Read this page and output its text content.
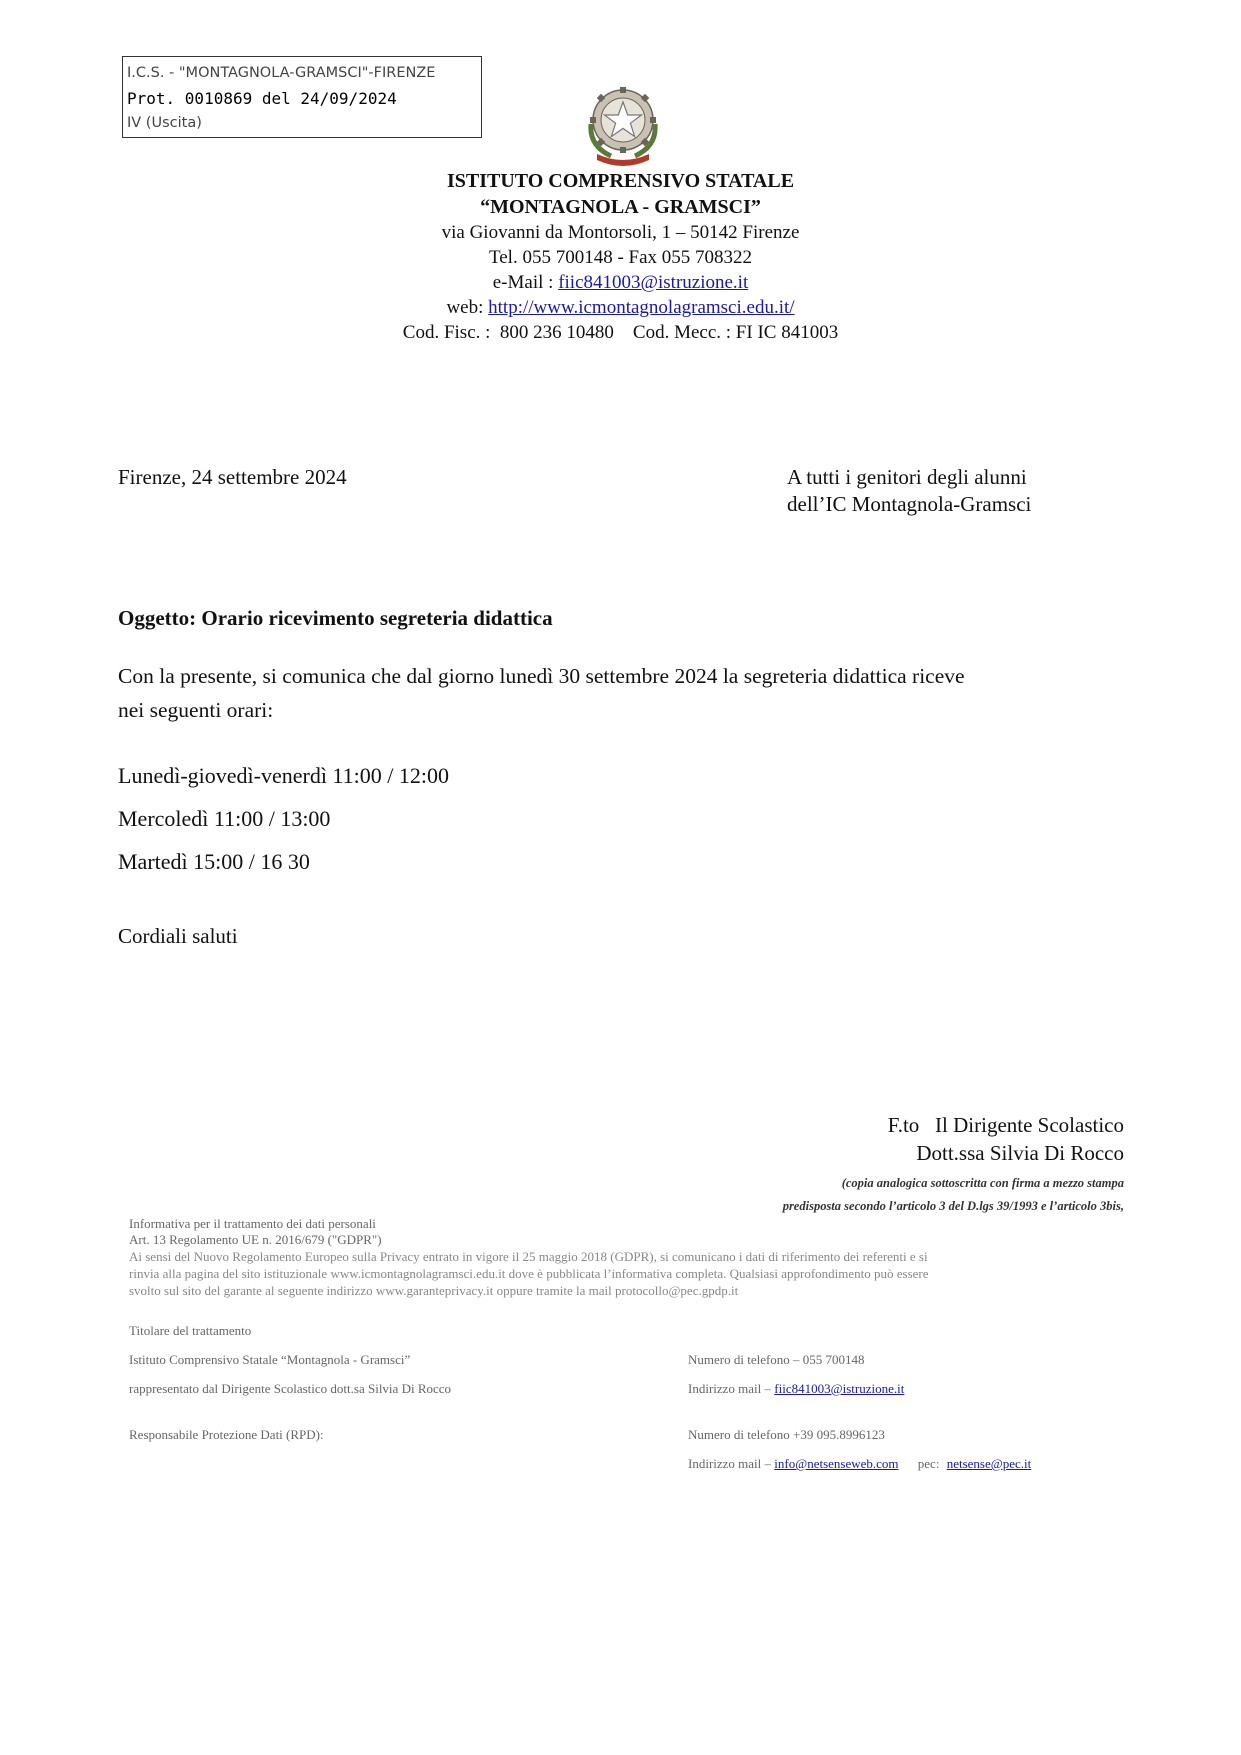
I.C.S. - "MONTAGNOLA-GRAMSCI"-FIRENZE
Prot. 0010869 del 24/09/2024
IV (Uscita)
ISTITUTO COMPRENSIVO STATALE
“MONTAGNOLA - GRAMSCI”
via Giovanni da Montorsoli, 1 – 50142 Firenze
Tel. 055 700148 - Fax 055 708322
e-Mail : fiic841003@istruzione.it
web: http://www.icmontagnolagramsci.edu.it/
Cod. Fisc. :  800 236 10480    Cod. Mecc. : FI IC 841003
Firenze, 24 settembre 2024	A tutti i genitori degli alunni
dell’IC Montagnola-Gramsci
Oggetto: Orario ricevimento segreteria didattica
Con la presente, si comunica che dal giorno lunedì 30 settembre 2024 la segreteria didattica riceve
nei seguenti orari:
Lunedì-giovedì-venerdì 11:00 / 12:00
Mercoledì 11:00 / 13:00
Martedì 15:00 / 16 30
Cordiali saluti
F.to   Il Dirigente Scolastico
Dott.ssa Silvia Di Rocco
(copia analogica sottoscritta con firma a mezzo stampa
predisposta secondo l’articolo 3 del D.lgs 39/1993 e l’articolo 3bis,
Informativa per il trattamento dei dati personali
Art. 13 Regolamento UE n. 2016/679 ("GDPR")
Ai sensi del Nuovo Regolamento Europeo sulla Privacy entrato in vigore il 25 maggio 2018 (GDPR), si comunicano i dati di riferimento dei referenti e si
rinvia alla pagina del sito istituzionale www.icmontagnolagramsci.edu.it dove è pubblicata l’informativa completa. Qualsiasi approfondimento può essere
svolto sul sito del garante al seguente indirizzo www.garanteprivacy.it oppure tramite la mail protocollo@pec.gpdp.it
Titolare del trattamento
Istituto Comprensivo Statale “Montagnola - Gramsci”
rappresentato dal Dirigente Scolastico dott.sa Silvia Di Rocco
Numero di telefono – 055 700148
Indirizzo mail – fiic841003@istruzione.it
Responsabile Protezione Dati (RPD):	Numero di telefono +39 095.8996123
Indirizzo mail – info@netsenseweb.com pec: netsense@pec.it
